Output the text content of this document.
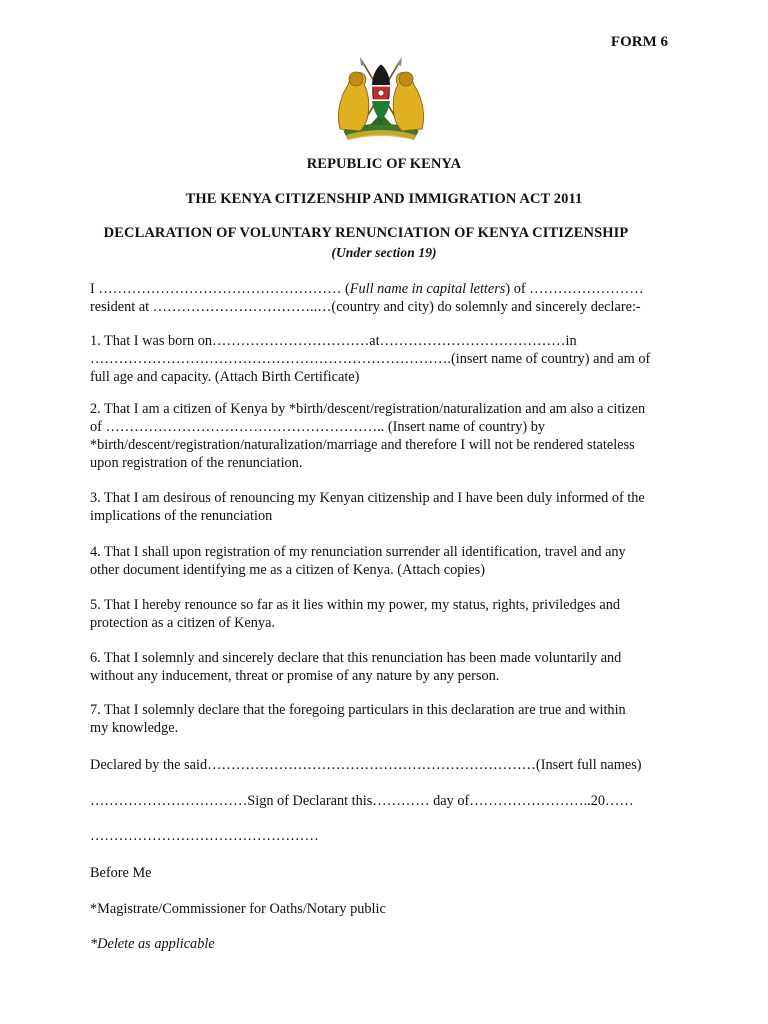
FORM 6
REPUBLIC OF KENYA
THE KENYA CITIZENSHIP AND IMMIGRATION ACT 2011
DECLARATION OF VOLUNTARY RENUNCIATION OF KENYA CITIZENSHIP
(Under section 19)

I …………………………………………… (Full name in capital letters) of ……………………

resident at ……………………………..…(country and city) do solemnly and sincerely declare:-

1. That I was born on……………………………at…………………………………in

………………………………………………………………….(insert name of country) and am of

full age and capacity. (Attach Birth Certificate)

2. That I am a citizen of Kenya by *birth/descent/registration/naturalization and am also a citizen

of ………………………………………………….. (Insert name of country) by

*birth/descent/registration/naturalization/marriage and therefore I will not be rendered stateless

upon registration of the renunciation.

3. That I am desirous of renouncing my Kenyan citizenship and I have been duly informed of the

implications of the renunciation

4. That I shall upon registration of my renunciation surrender all identification, travel and any

other document identifying me as a citizen of Kenya. (Attach copies)

5. That I hereby renounce so far as it lies within my power, my status, rights, priviledges and

protection as a citizen of Kenya.

6. That I solemnly and sincerely declare that this renunciation has been made voluntarily and

without any inducement, threat or promise of any nature by any person.

7. That I solemnly declare that the foregoing particulars in this declaration are true and within

my knowledge.

Declared by the said……………………………………………………………(Insert full names)
……………………………Sign of Declarant this………… day of……………………..20……
…………………………………………
Before Me
*Magistrate/Commissioner for Oaths/Notary public
*Delete as applicable
